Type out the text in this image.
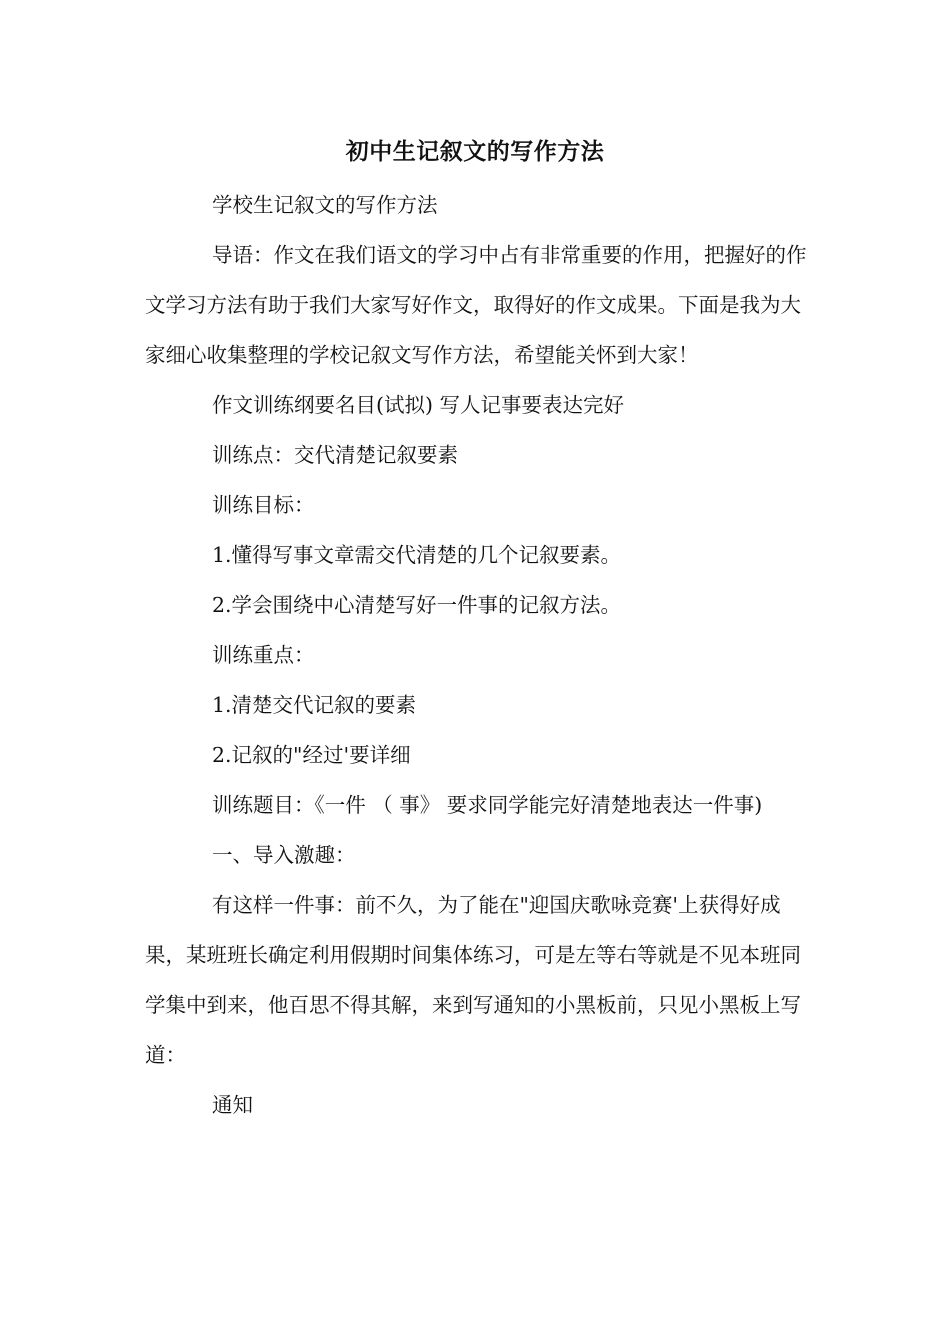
初中生记叙文的写作方法

学校生记叙文的写作方法

导语：作文在我们语文的学习中占有非常重要的作用，把握好的作文学习方法有助于我们大家写好作文，取得好的作文成果。下面是我为大家细心收集整理的学校记叙文写作方法，希望能关怀到大家！

作文训练纲要名目(试拟) 写人记事要表达完好

训练点：交代清楚记叙要素

训练目标：

1.懂得写事文章需交代清楚的几个记叙要素。

2.学会围绕中心清楚写好一件事的记叙方法。

训练重点：

1.清楚交代记叙的要素

2.记叙的"经过'要详细

训练题目：《一件 （ 事》 要求同学能完好清楚地表达一件事)

一、导入激趣：

有这样一件事：前不久，为了能在"迎国庆歌咏竞赛'上获得好成果，某班班长确定利用假期时间集体练习，可是左等右等就是不见本班同学集中到来，他百思不得其解，来到写通知的小黑板前，只见小黑板上写道：

通知
